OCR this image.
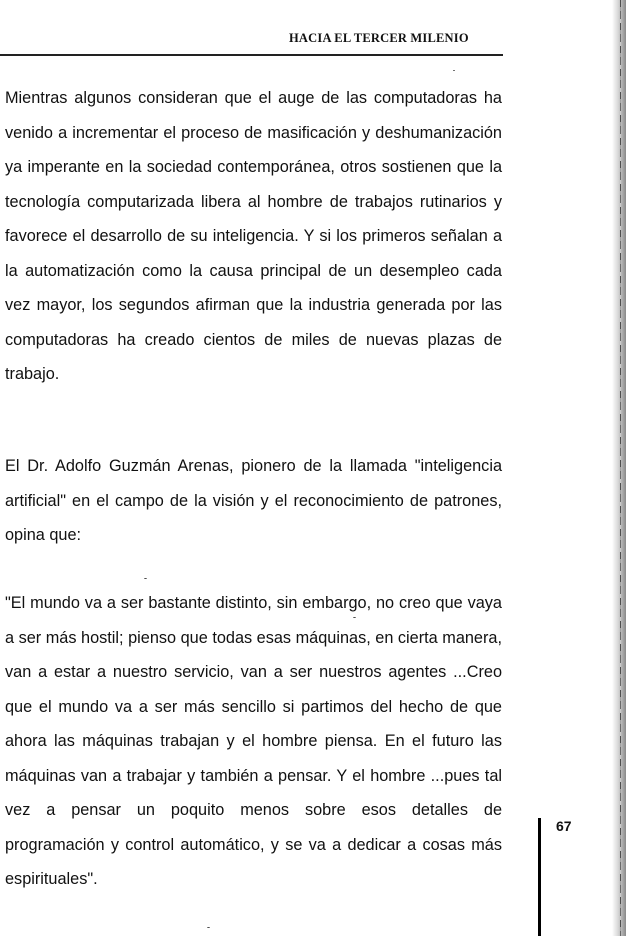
HACIA EL TERCER MILENIO

Mientras algunos consideran que el auge de las computadoras ha venido a incrementar el proceso de masificación y deshumanización ya imperante en la sociedad contemporánea, otros sostienen que la tecnología computarizada libera al hombre de trabajos rutinarios y favorece el desarrollo de su inteligencia. Y si los primeros señalan a la automatización como la causa principal de un desempleo cada vez mayor, los segundos afirman que la industria generada por las computadoras ha creado cientos de miles de nuevas plazas de trabajo.

El Dr. Adolfo Guzmán Arenas, pionero de la llamada "inteligencia artificial" en el campo de la visión y el reconocimiento de patrones, opina que:

"El mundo va a ser bastante distinto, sin embargo, no creo que vaya a ser más hostil; pienso que todas esas máquinas, en cierta manera, van a estar a nuestro servicio, van a ser nuestros agentes ...Creo que el mundo va a ser más sencillo si partimos del hecho de que ahora las máquinas trabajan y el hombre piensa. En el futuro las máquinas van a trabajar y también a pensar. Y el hombre ...pues tal vez a pensar un poquito menos sobre esos detalles de programación y control automático, y se va a dedicar a cosas más espirituales".

67
